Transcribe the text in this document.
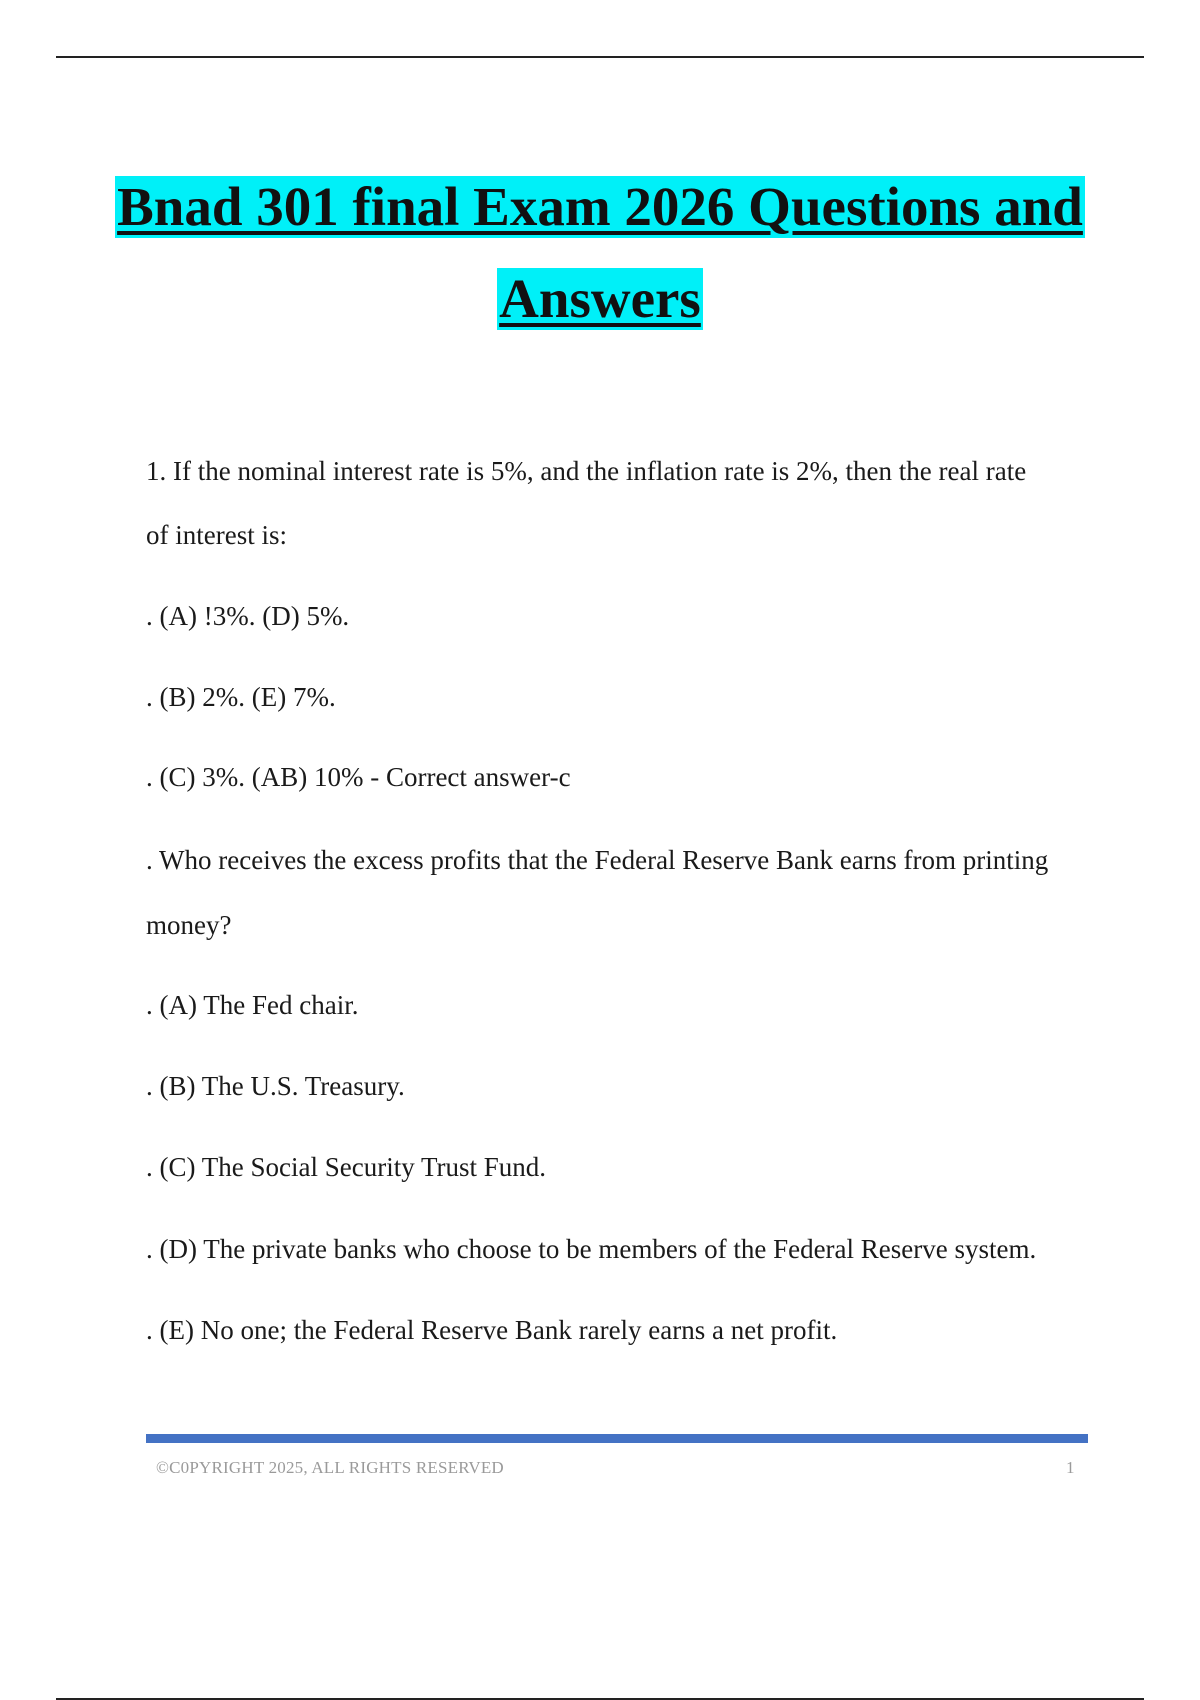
Bnad 301 final Exam 2026 Questions and
Answers
1. If the nominal interest rate is 5%, and the inflation rate is 2%, then the real rate
of interest is:
. (A) !3%. (D) 5%.
. (B) 2%. (E) 7%.
. (C) 3%. (AB) 10% - Correct answer-c
. Who receives the excess profits that the Federal Reserve Bank earns from printing
money?
. (A) The Fed chair.
. (B) The U.S. Treasury.
. (C) The Social Security Trust Fund.
. (D) The private banks who choose to be members of the Federal Reserve system.
. (E) No one; the Federal Reserve Bank rarely earns a net profit.
©C0PYRIGHT 2025, ALL RIGHTS RESERVED	1
